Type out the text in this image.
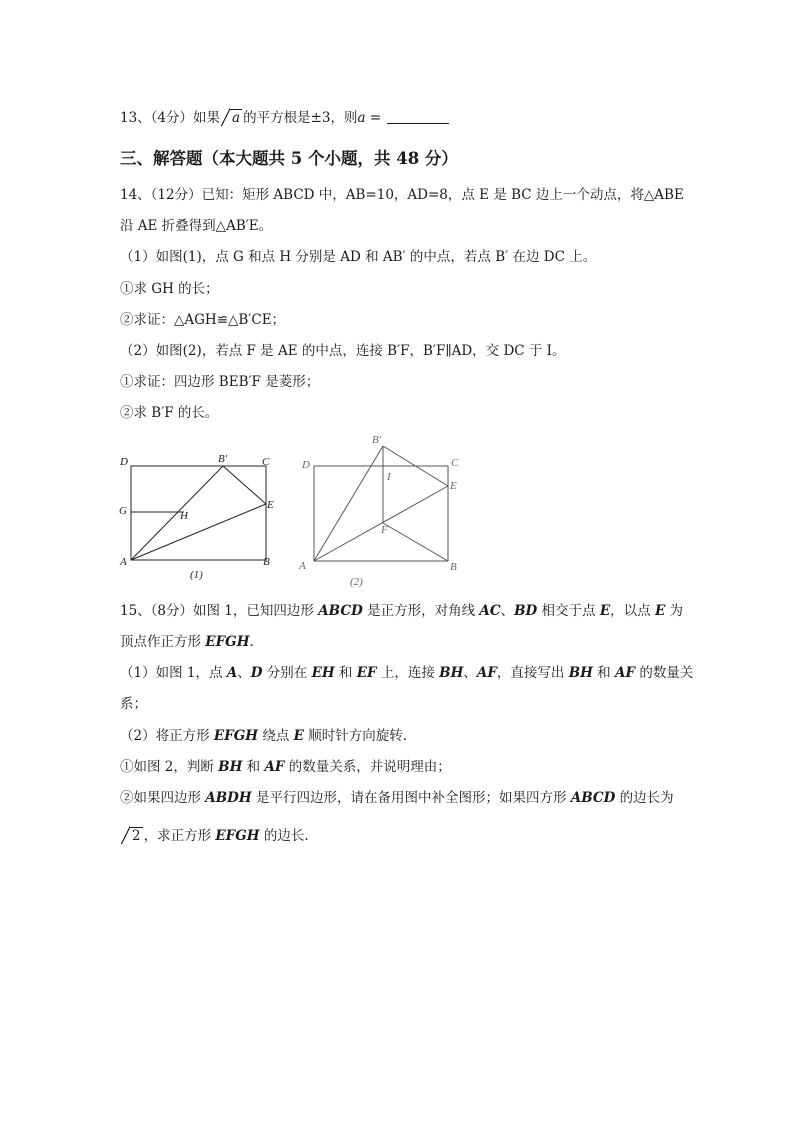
13、（4分）如果 a 的平方根是±3，则a =
三、解答题（本大题共 5 个小题，共 48 分）
14、（12分）已知：矩形 ABCD 中，AB=10，AD=8，点 E 是 BC 边上一个动点，将△ABE
沿 AE 折叠得到△AB′E。
（1）如图(1)，点 G 和点 H 分别是 AD 和 AB′ 的中点，若点 B′ 在边 DC 上。
①求 GH 的长；
②求证：△AGH≌△B′CE；
（2）如图(2)，若点 F 是 AE 的中点，连接 B′F，B′F∥AD，交 DC 于 I。
①求证：四边形 BEB′F 是菱形；
②求 B′F 的长。
D	B′	C
G	H
E
A	B
(1)
B′
D	C
I
E
F
A	B
(2)
15、（8分）如图 1，已知四边形 ABCD 是正方形，对角线 AC、BD 相交于点 E，以点 E 为
顶点作正方形 EFGH.
（1）如图 1，点 A、D 分别在 EH 和 EF 上，连接 BH、AF，直接写出 BH 和 AF 的数量关
系；
（2）将正方形 EFGH 绕点 E 顺时针方向旋转.
①如图 2，判断 BH 和 AF 的数量关系，并说明理由；
②如果四边形 ABDH 是平行四边形，请在备用图中补全图形；如果四方形 ABCD 的边长为
2 ，求正方形 EFGH 的边长.
